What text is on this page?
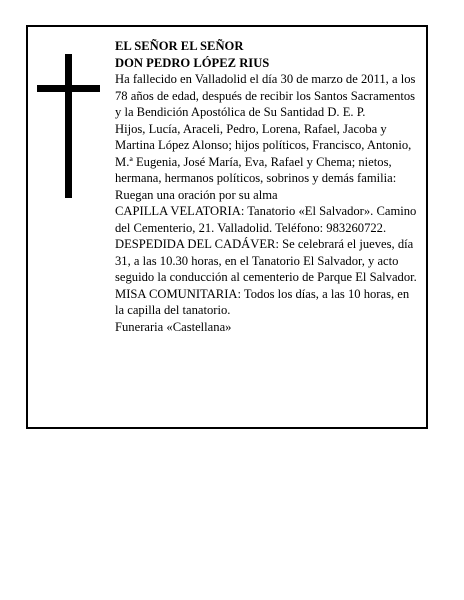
EL SEÑOR EL SEÑOR

DON PEDRO LÓPEZ RIUS

Ha fallecido en Valladolid el día 30 de marzo de 2011, a los 78 años de edad, después de recibir los Santos Sacramentos y la Bendición Apostólica de Su Santidad D. E. P.

Hijos, Lucía, Araceli, Pedro, Lorena, Rafael, Jacoba y Martina López Alonso; hijos políticos, Francisco, Antonio, M.ª Eugenia, José María, Eva, Rafael y Chema; nietos, hermana, hermanos políticos, sobrinos y demás familia:

Ruegan una oración por su alma

CAPILLA VELATORIA: Tanatorio «El Salvador». Camino del Cementerio, 21. Valladolid. Teléfono: 983260722.

DESPEDIDA DEL CADÁVER: Se celebrará el jueves, día 31, a las 10.30 horas, en el Tanatorio El Salvador, y acto seguido la conducción al cementerio de Parque El Salvador.

MISA COMUNITARIA: Todos los días, a las 10 horas, en la capilla del tanatorio.

Funeraria «Castellana»
